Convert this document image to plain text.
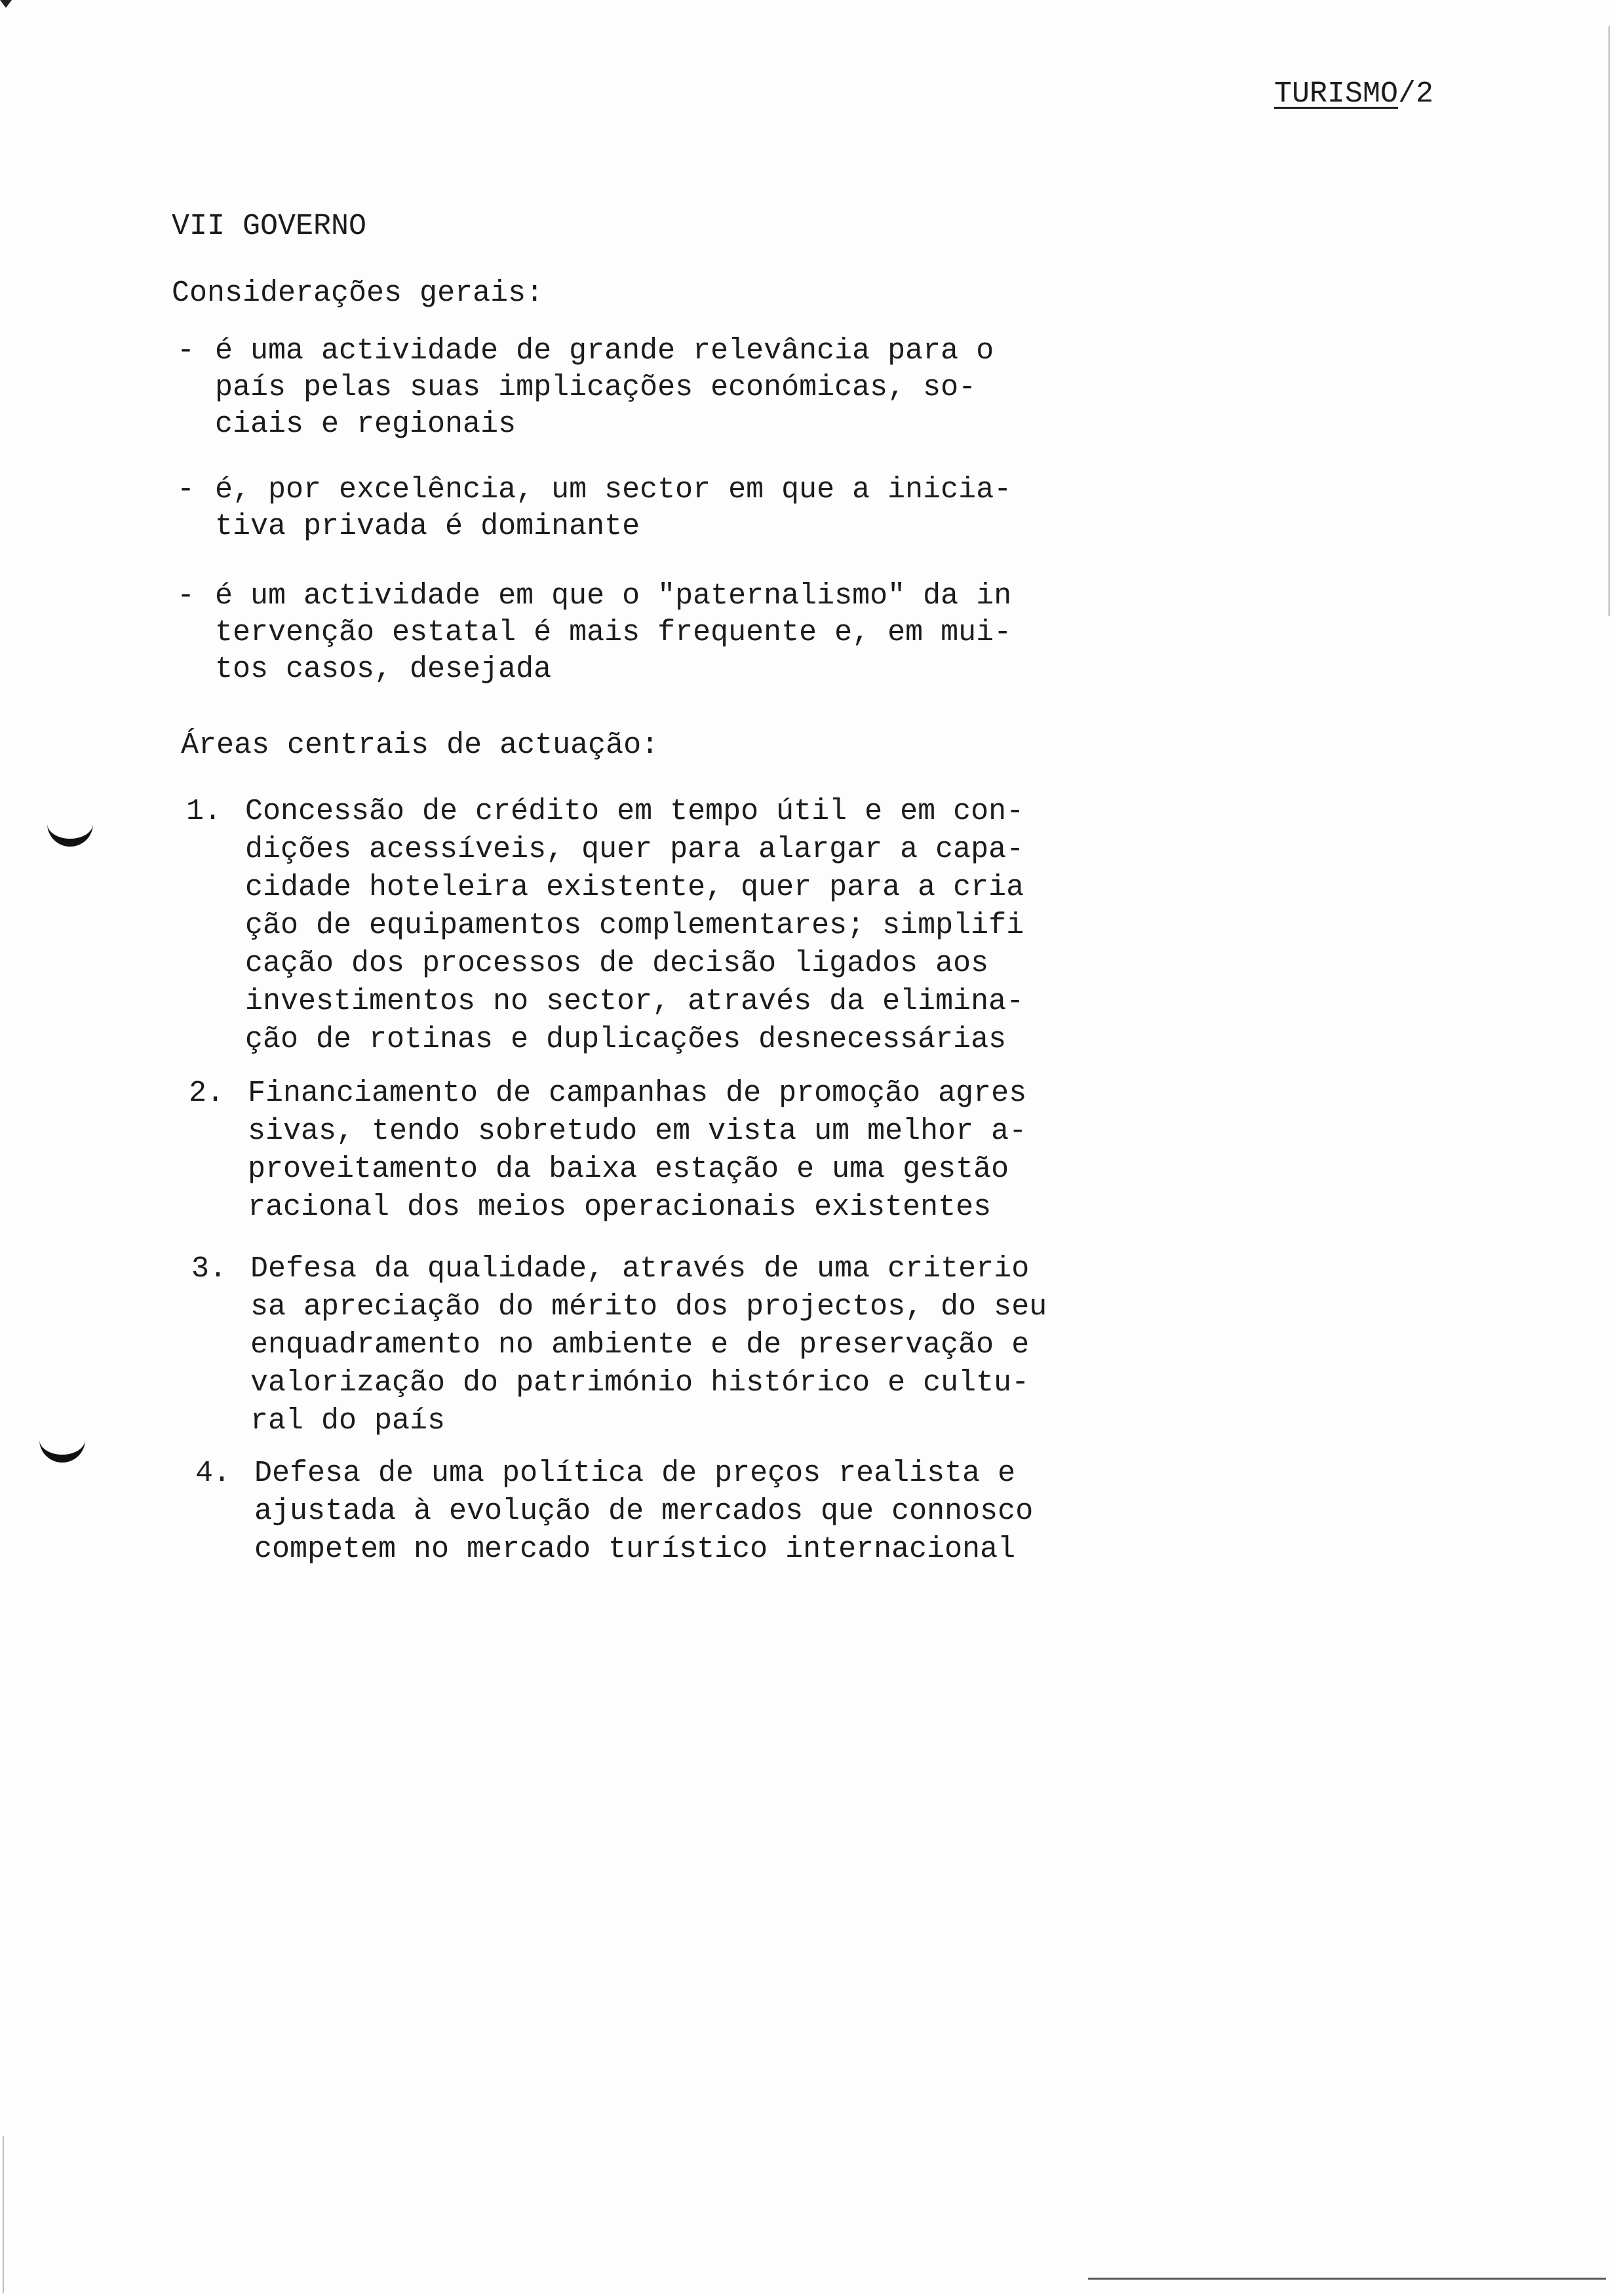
TURISMO/2
VII GOVERNO
Considerações gerais:
- é uma actividade de grande relevância para o
país pelas suas implicações económicas, so-
ciais e regionais
- é, por excelência, um sector em que a inicia-
tiva privada é dominante
- é um actividade em que o "paternalismo" da in
tervenção estatal é mais frequente e, em mui-
tos casos, desejada
Áreas centrais de actuação:
1. Concessão de crédito em tempo útil e em con-
dições acessíveis, quer para alargar a capa-
cidade hoteleira existente, quer para a cria
ção de equipamentos complementares; simplifi
cação dos processos de decisão ligados aos
investimentos no sector, através da elimina-
ção de rotinas e duplicações desnecessárias
2. Financiamento de campanhas de promoção agres
sivas, tendo sobretudo em vista um melhor a-
proveitamento da baixa estação e uma gestão
racional dos meios operacionais existentes
3. Defesa da qualidade, através de uma criterio
sa apreciação do mérito dos projectos, do seu
enquadramento no ambiente e de preservação e
valorização do património histórico e cultu-
ral do país
4. Defesa de uma política de preços realista e
ajustada à evolução de mercados que connosco
competem no mercado turístico internacional
